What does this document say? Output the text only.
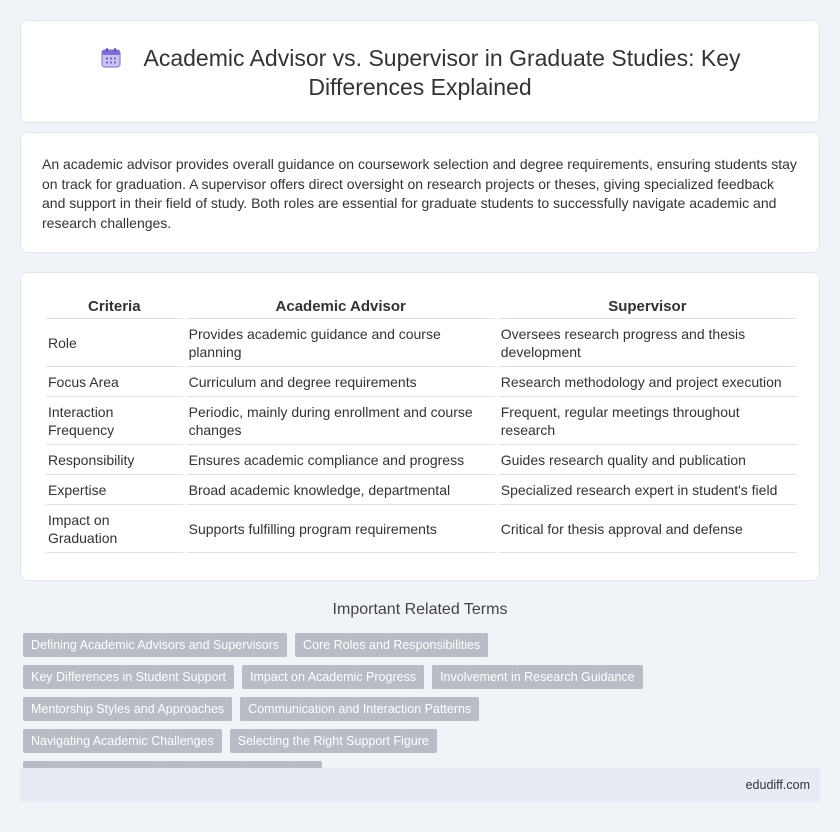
Academic Advisor vs. Supervisor in Graduate Studies: Key Differences Explained

An academic advisor provides overall guidance on coursework selection and degree requirements, ensuring students stay on track for graduation. A supervisor offers direct oversight on research projects or theses, giving specialized feedback and support in their field of study. Both roles are essential for graduate students to successfully navigate academic and research challenges.

Criteria	Academic Advisor	Supervisor
Role	Provides academic guidance and course planning	Oversees research progress and thesis development
Focus Area	Curriculum and degree requirements	Research methodology and project execution
Interaction Frequency	Periodic, mainly during enrollment and course changes	Frequent, regular meetings throughout research
Responsibility	Ensures academic compliance and progress	Guides research quality and publication
Expertise	Broad academic knowledge, departmental	Specialized research expert in student's field
Impact on Graduation	Supports fulfilling program requirements	Critical for thesis approval and defense
Important Related Terms
Defining Academic Advisors and Supervisors	Core Roles and Responsibilities
Key Differences in Student Support	Impact on Academic Progress	Involvement in Research Guidance
Mentorship Styles and Approaches	Communication and Interaction Patterns
Navigating Academic Challenges	Selecting the Right Support Figure
edudiff.com
